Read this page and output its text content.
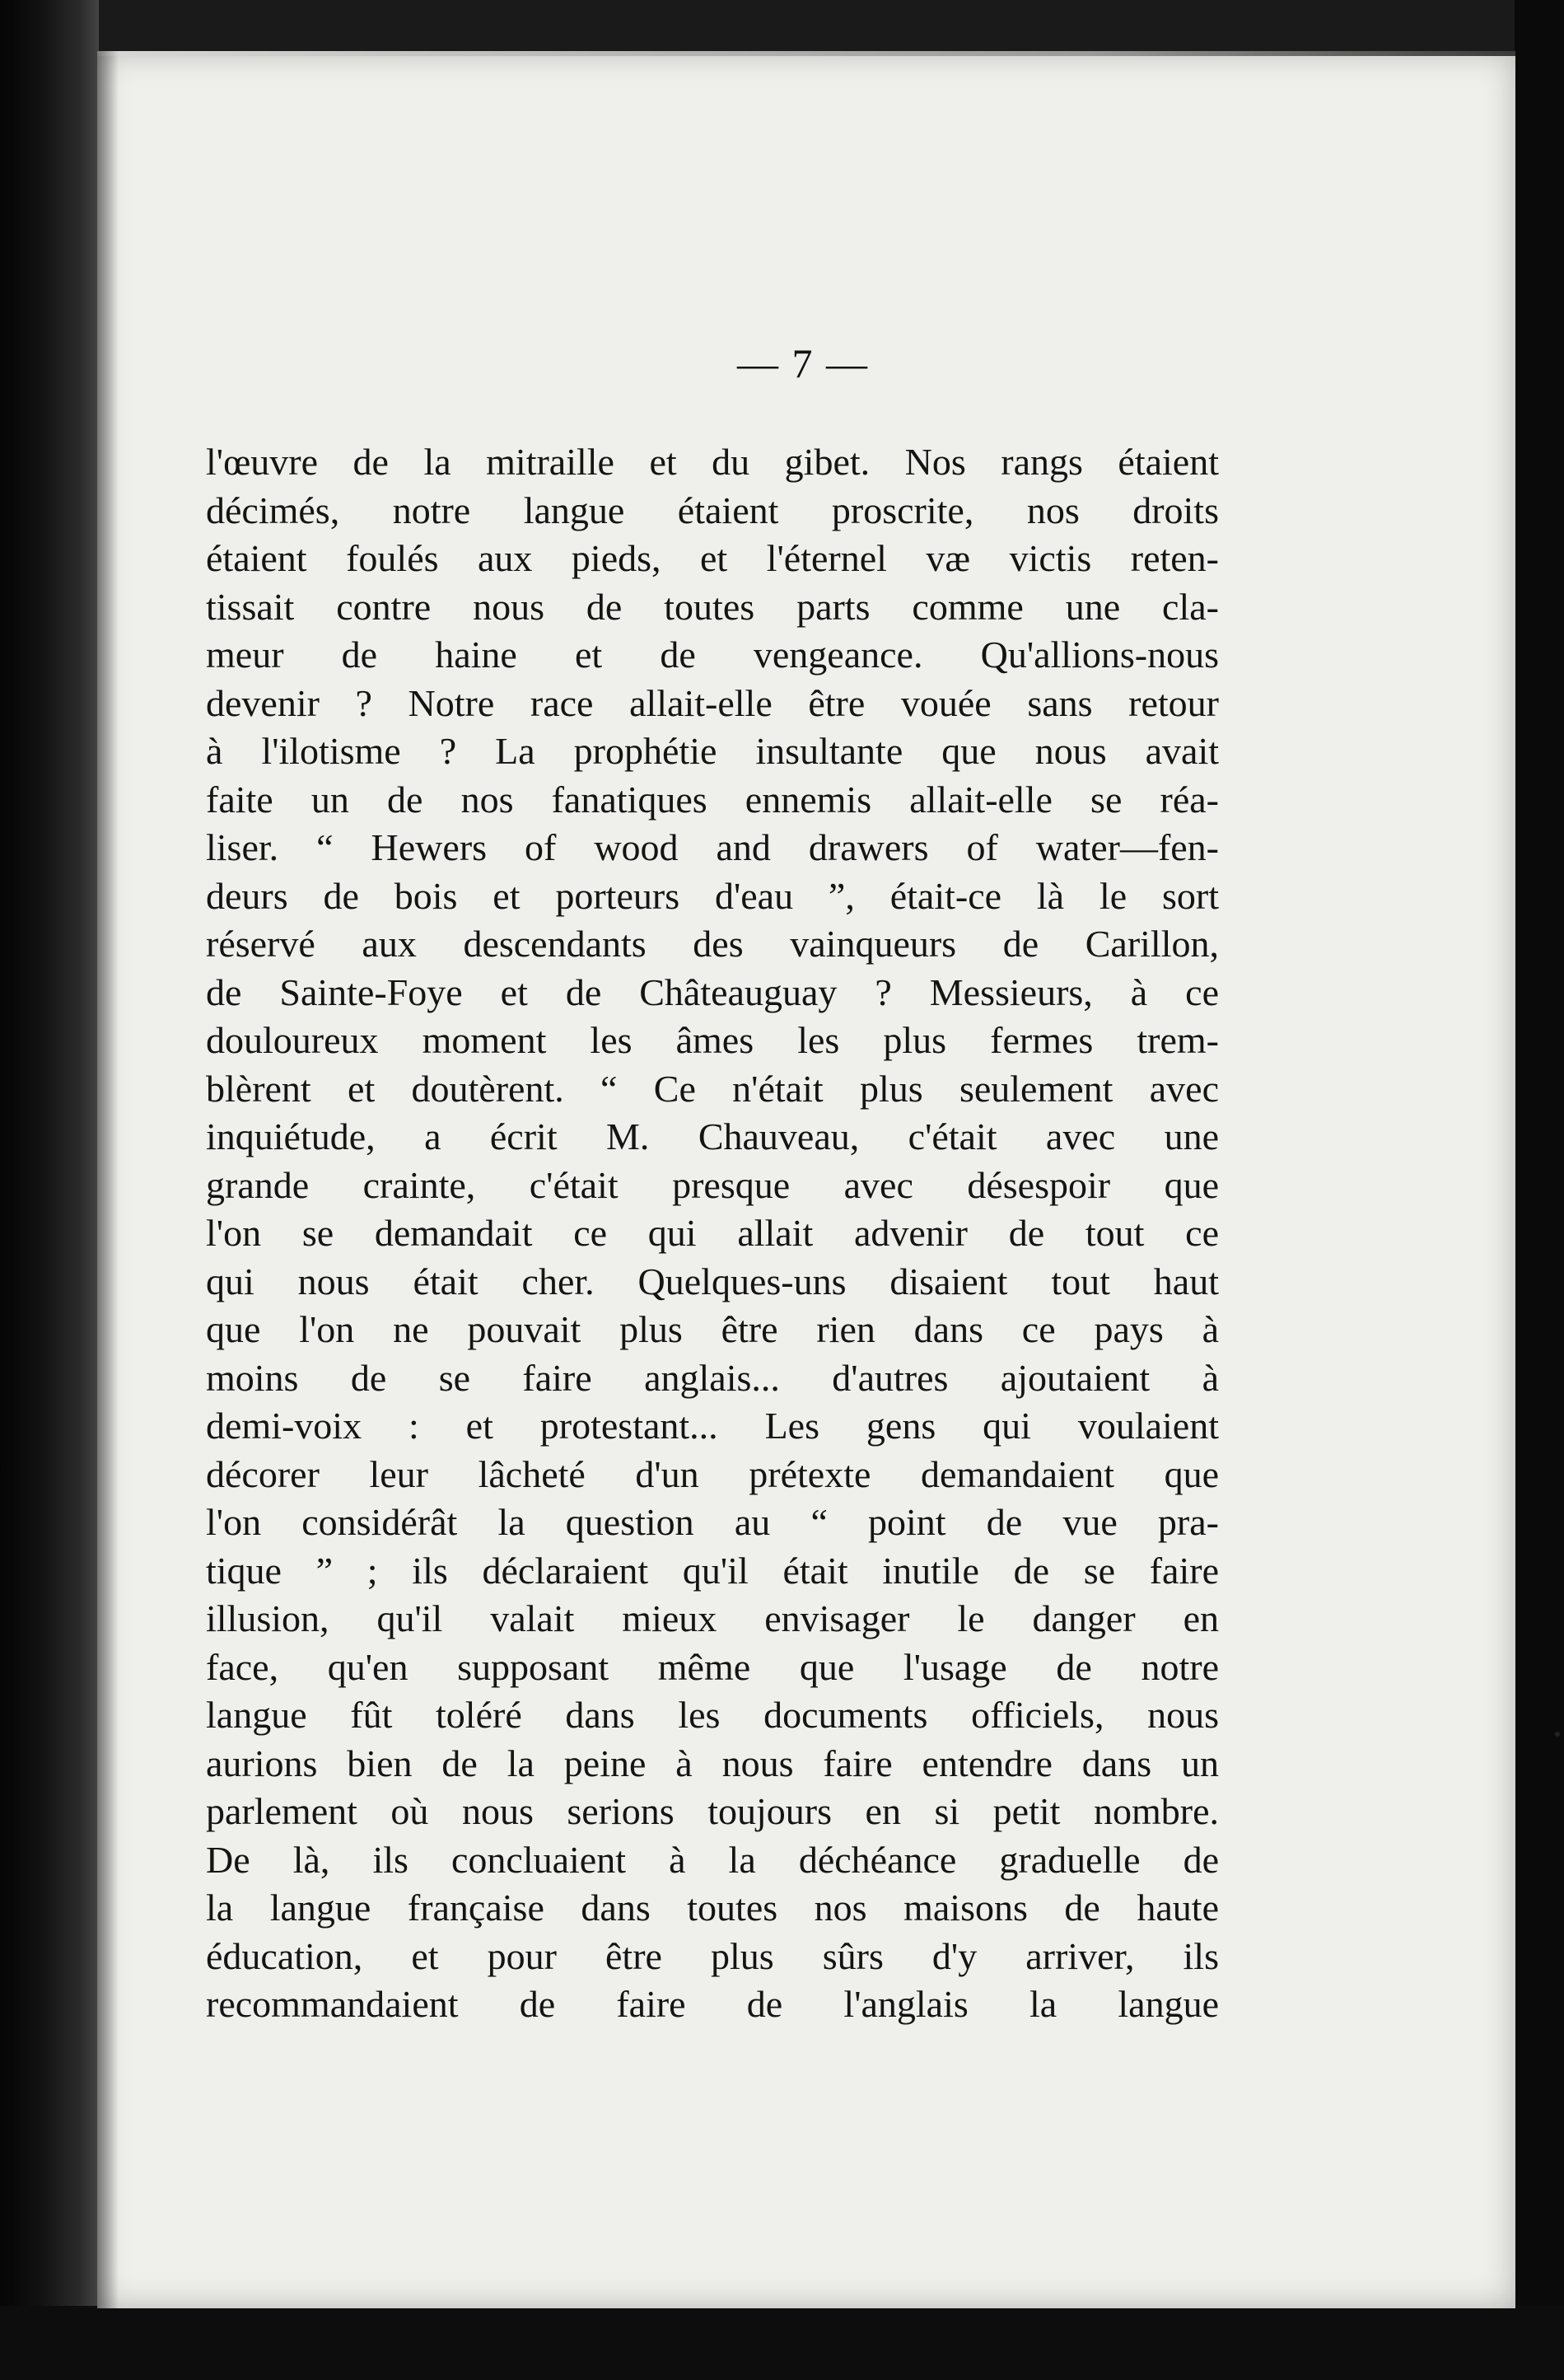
— 7 —
l'œuvre de la mitraille et du gibet. Nos rangs étaient
décimés, notre langue étaient proscrite, nos droits
étaient foulés aux pieds, et l'éternel væ victis reten-
tissait contre nous de toutes parts comme une cla-
meur de haine et de vengeance. Qu'allions-nous
devenir ? Notre race allait-elle être vouée sans retour
à l'ilotisme ? La prophétie insultante que nous avait
faite un de nos fanatiques ennemis allait-elle se réa-
liser. “ Hewers of wood and drawers of water—fen-
deurs de bois et porteurs d'eau ”, était-ce là le sort
réservé aux descendants des vainqueurs de Carillon,
de Sainte-Foye et de Châteauguay ? Messieurs, à ce
douloureux moment les âmes les plus fermes trem-
blèrent et doutèrent. “ Ce n'était plus seulement avec
inquiétude, a écrit M. Chauveau, c'était avec une
grande crainte, c'était presque avec désespoir que
l'on se demandait ce qui allait advenir de tout ce
qui nous était cher. Quelques-uns disaient tout haut
que l'on ne pouvait plus être rien dans ce pays à
moins de se faire anglais... d'autres ajoutaient à
demi-voix : et protestant... Les gens qui voulaient
décorer leur lâcheté d'un prétexte demandaient que
l'on considérât la question au “ point de vue pra-
tique ” ; ils déclaraient qu'il était inutile de se faire
illusion, qu'il valait mieux envisager le danger en
face, qu'en supposant même que l'usage de notre
langue fût toléré dans les documents officiels, nous
aurions bien de la peine à nous faire entendre dans un
parlement où nous serions toujours en si petit nombre.
De là, ils concluaient à la déchéance graduelle de
la langue française dans toutes nos maisons de haute
éducation, et pour être plus sûrs d'y arriver, ils
recommandaient de faire de l'anglais la langue
